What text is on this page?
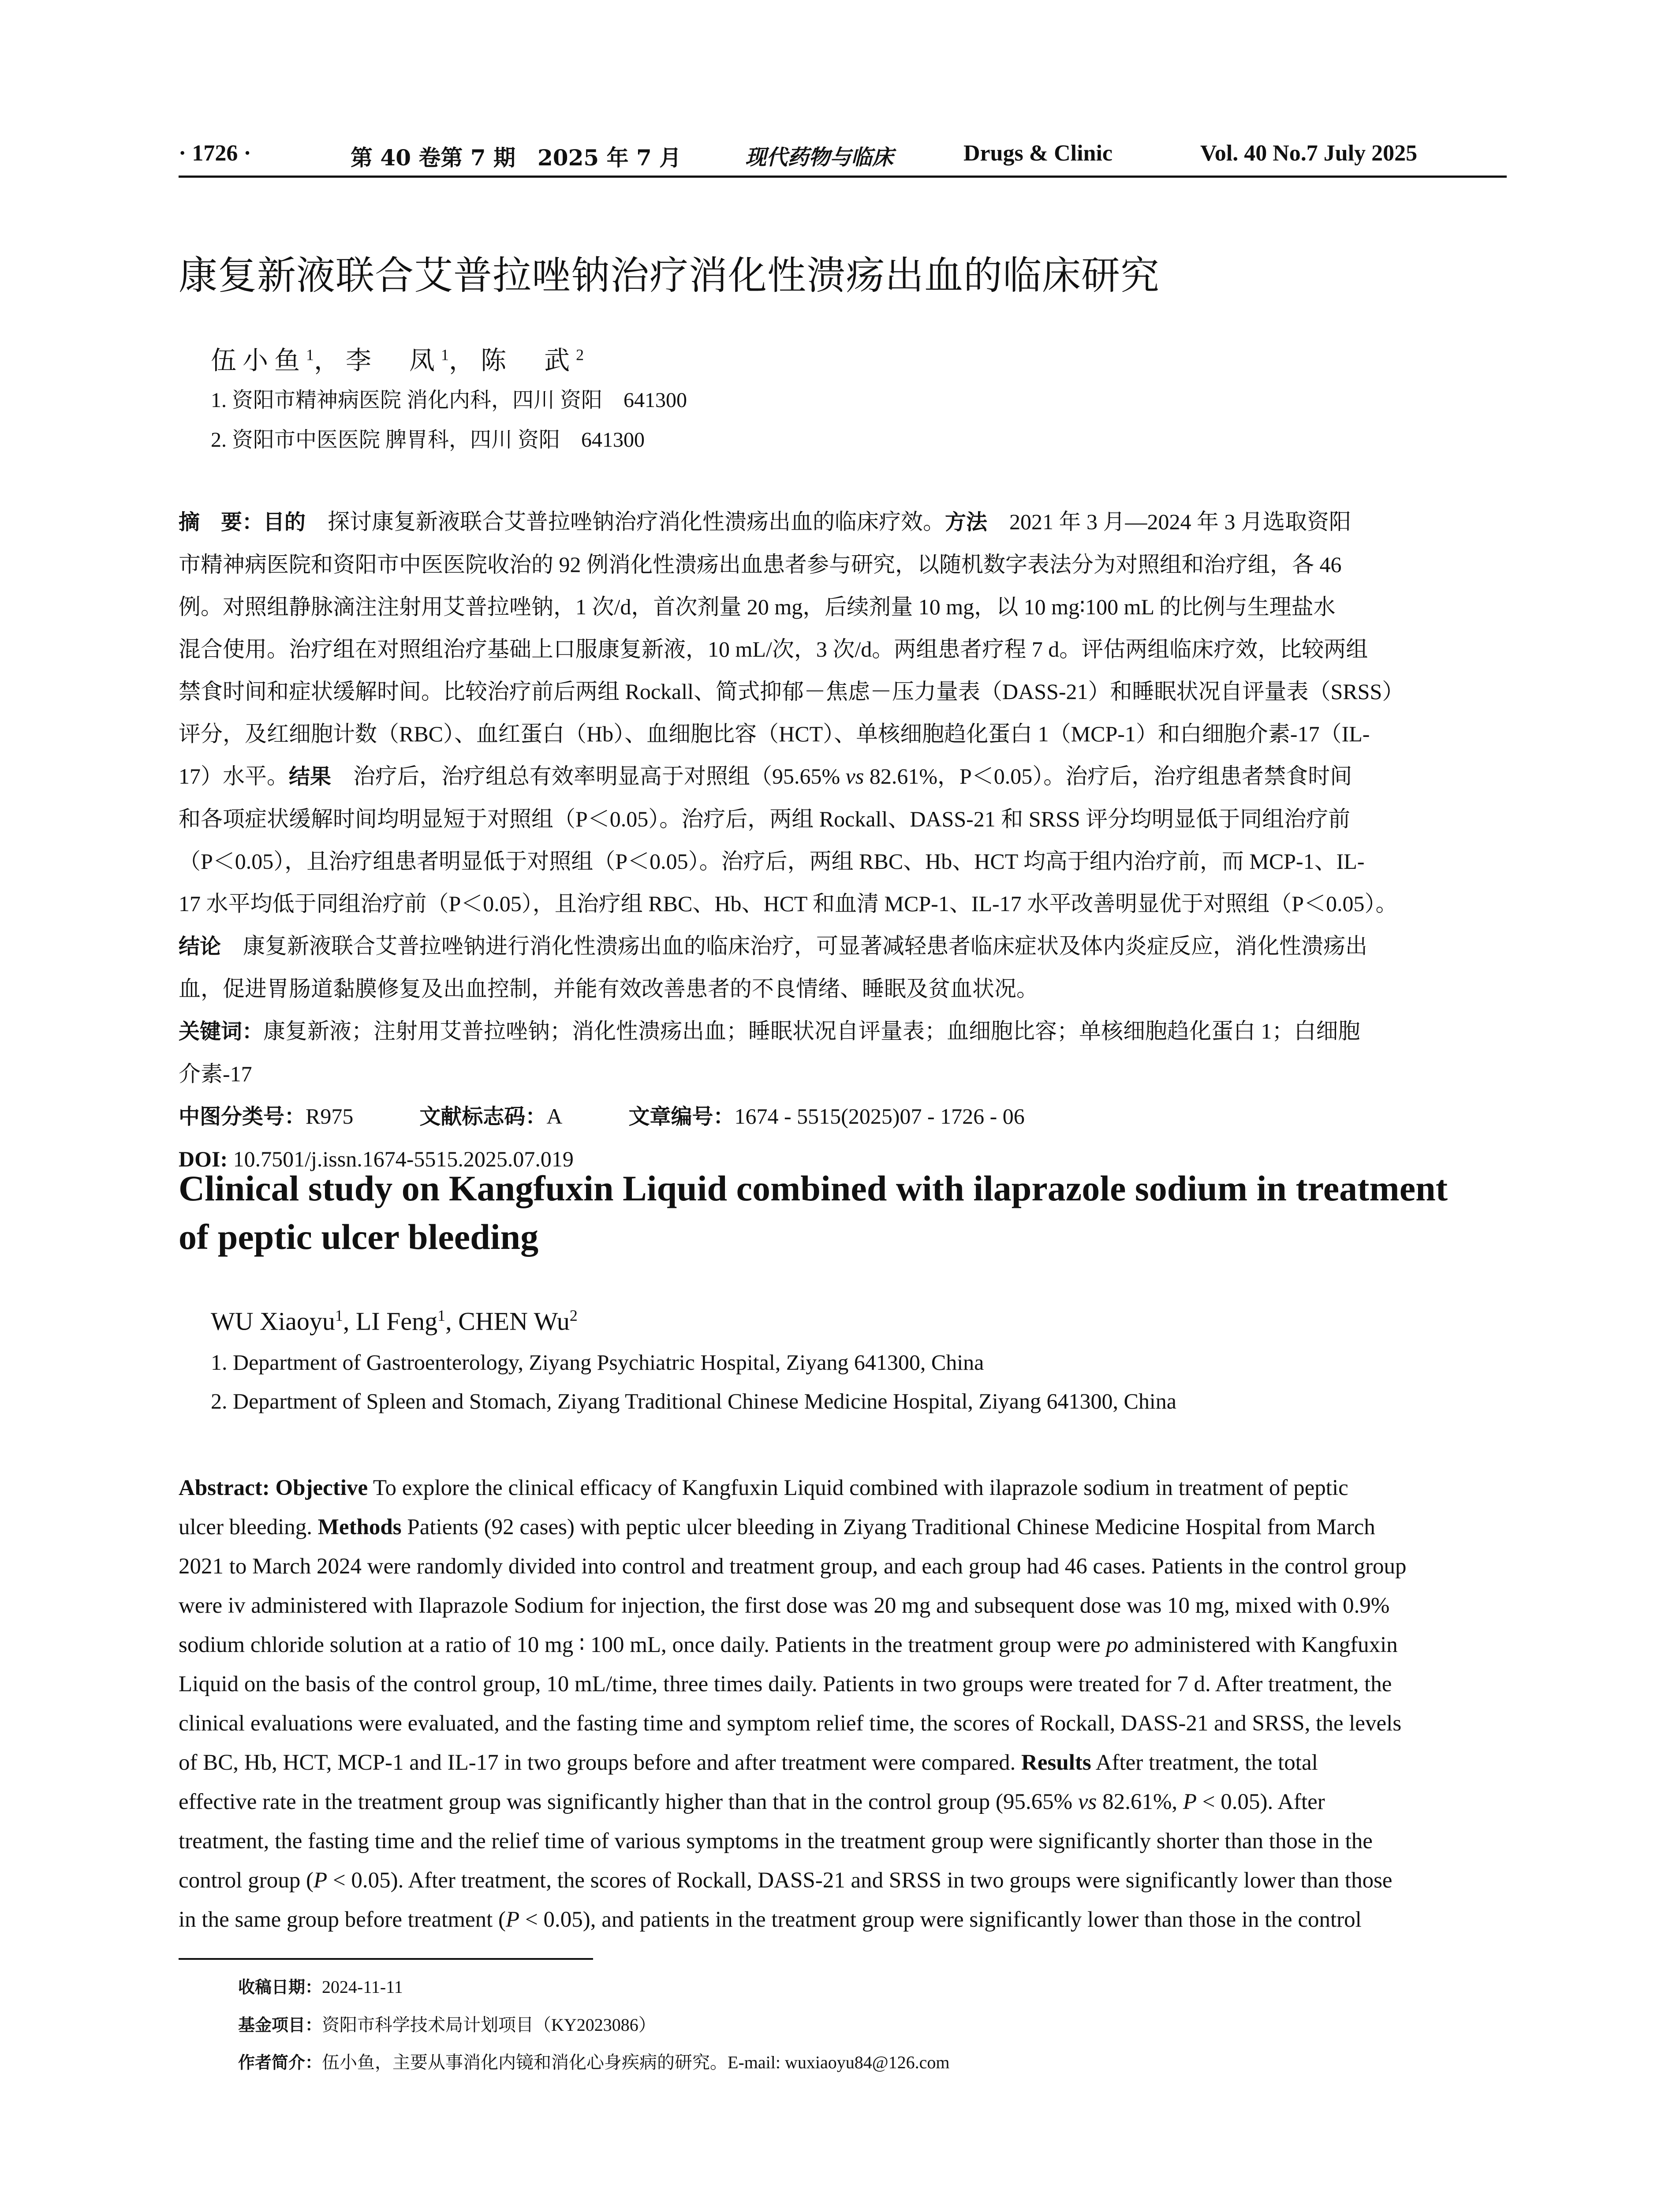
· 1726 ·	第 40 卷第 7 期　2025 年 7 月	现代药物与临床	Drugs & Clinic	Vol. 40 No.7 July 2025
康复新液联合艾普拉唑钠治疗消化性溃疡出血的临床研究
伍小鱼$^1$，李　凤$^1$，陈　武$^2$
1. 资阳市精神病医院 消化内科，四川 资阳　641300
2. 资阳市中医医院 脾胃科，四川 资阳　641300
摘　要：目的　探讨康复新液联合艾普拉唑钠治疗消化性溃疡出血的临床疗效。方法　2021 年 3 月—2024 年 3 月选取资阳
市精神病医院和资阳市中医医院收治的 92 例消化性溃疡出血患者参与研究，以随机数字表法分为对照组和治疗组，各 46
例。对照组静脉滴注注射用艾普拉唑钠，1 次/d，首次剂量 20 mg，后续剂量 10 mg，以 10 mg∶100 mL 的比例与生理盐水
混合使用。治疗组在对照组治疗基础上口服康复新液，10 mL/次，3 次/d。两组患者疗程 7 d。评估两组临床疗效，比较两组
禁食时间和症状缓解时间。比较治疗前后两组 Rockall、简式抑郁－焦虑－压力量表（DASS-21）和睡眠状况自评量表（SRSS）
评分，及红细胞计数（RBC）、血红蛋白（Hb）、血细胞比容（HCT）、单核细胞趋化蛋白 1（MCP-1）和白细胞介素-17（IL-
17）水平。结果　治疗后，治疗组总有效率明显高于对照组（95.65% vs 82.61%，P＜0.05）。治疗后，治疗组患者禁食时间
和各项症状缓解时间均明显短于对照组（P＜0.05）。治疗后，两组 Rockall、DASS-21 和 SRSS 评分均明显低于同组治疗前
（P＜0.05），且治疗组患者明显低于对照组（P＜0.05）。治疗后，两组 RBC、Hb、HCT 均高于组内治疗前，而 MCP-1、IL-
17 水平均低于同组治疗前（P＜0.05），且治疗组 RBC、Hb、HCT 和血清 MCP-1、IL-17 水平改善明显优于对照组（P＜0.05）。
结论　康复新液联合艾普拉唑钠进行消化性溃疡出血的临床治疗，可显著减轻患者临床症状及体内炎症反应，消化性溃疡出
血，促进胃肠道黏膜修复及出血控制，并能有效改善患者的不良情绪、睡眠及贫血状况。
关键词：康复新液；注射用艾普拉唑钠；消化性溃疡出血；睡眠状况自评量表；血细胞比容；单核细胞趋化蛋白 1；白细胞
介素-17
中图分类号：R975	文献标志码：A	文章编号：1674 - 5515(2025)07 - 1726 - 06
DOI: 10.7501/j.issn.1674-5515.2025.07.019
Clinical study on Kangfuxin Liquid combined with ilaprazole sodium in treatment
of peptic ulcer bleeding
WU Xiaoyu$^1$, LI Feng$^1$, CHEN Wu$^2$
1. Department of Gastroenterology, Ziyang Psychiatric Hospital, Ziyang 641300, China
2. Department of Spleen and Stomach, Ziyang Traditional Chinese Medicine Hospital, Ziyang 641300, China
Abstract: Objective To explore the clinical efficacy of Kangfuxin Liquid combined with ilaprazole sodium in treatment of peptic
ulcer bleeding. Methods Patients (92 cases) with peptic ulcer bleeding in Ziyang Traditional Chinese Medicine Hospital from March
2021 to March 2024 were randomly divided into control and treatment group, and each group had 46 cases. Patients in the control group
were iv administered with Ilaprazole Sodium for injection, the first dose was 20 mg and subsequent dose was 10 mg, mixed with 0.9%
sodium chloride solution at a ratio of 10 mg ∶ 100 mL, once daily. Patients in the treatment group were po administered with Kangfuxin
Liquid on the basis of the control group, 10 mL/time, three times daily. Patients in two groups were treated for 7 d. After treatment, the
clinical evaluations were evaluated, and the fasting time and symptom relief time, the scores of Rockall, DASS-21 and SRSS, the levels
of BC, Hb, HCT, MCP-1 and IL-17 in two groups before and after treatment were compared. Results After treatment, the total
effective rate in the treatment group was significantly higher than that in the control group (95.65% vs 82.61%, P < 0.05). After
treatment, the fasting time and the relief time of various symptoms in the treatment group were significantly shorter than those in the
control group (P < 0.05). After treatment, the scores of Rockall, DASS-21 and SRSS in two groups were significantly lower than those
in the same group before treatment (P < 0.05), and patients in the treatment group were significantly lower than those in the control
收稿日期：2024-11-11
基金项目：资阳市科学技术局计划项目（KY2023086）
作者简介：伍小鱼，主要从事消化内镜和消化心身疾病的研究。E-mail: wuxiaoyu84@126.com
